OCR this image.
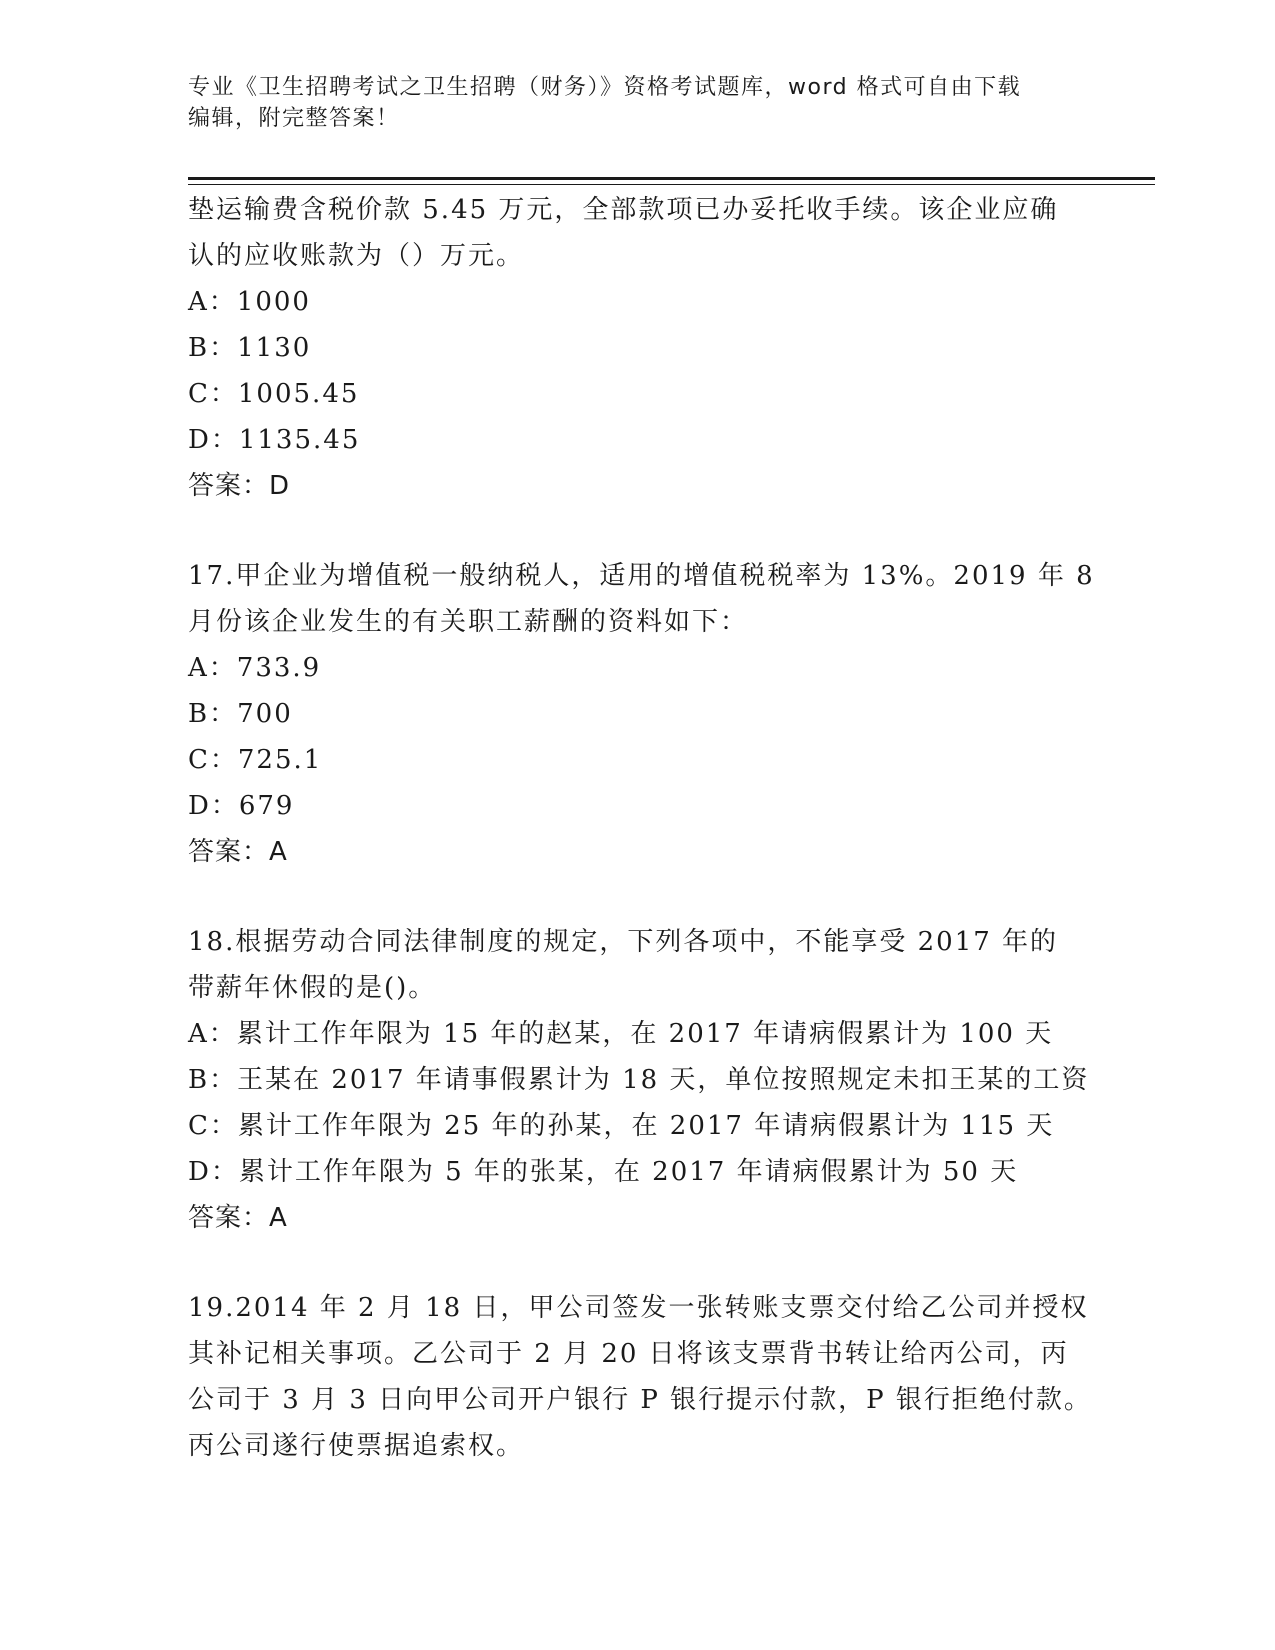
专业《卫生招聘考试之卫生招聘（财务）》资格考试题库，word 格式可自由下载
编辑，附完整答案！
垫运输费含税价款 5.45 万元，全部款项已办妥托收手续。该企业应确
认的应收账款为（）万元。
A：1000
B：1130
C：1005.45
D：1135.45
答案：D
17.甲企业为增值税一般纳税人，适用的增值税税率为 13%。2019 年 8
月份该企业发生的有关职工薪酬的资料如下：
A：733.9
B：700
C：725.1
D：679
答案：A
18.根据劳动合同法律制度的规定，下列各项中，不能享受 2017 年的
带薪年休假的是()。
A：累计工作年限为 15 年的赵某，在 2017 年请病假累计为 100 天
B：王某在 2017 年请事假累计为 18 天，单位按照规定未扣王某的工资
C：累计工作年限为 25 年的孙某，在 2017 年请病假累计为 115 天
D：累计工作年限为 5 年的张某，在 2017 年请病假累计为 50 天
答案：A
19.2014 年 2 月 18 日，甲公司签发一张转账支票交付给乙公司并授权
其补记相关事项。乙公司于 2 月 20 日将该支票背书转让给丙公司，丙
公司于 3 月 3 日向甲公司开户银行 P 银行提示付款，P 银行拒绝付款。
丙公司遂行使票据追索权。
